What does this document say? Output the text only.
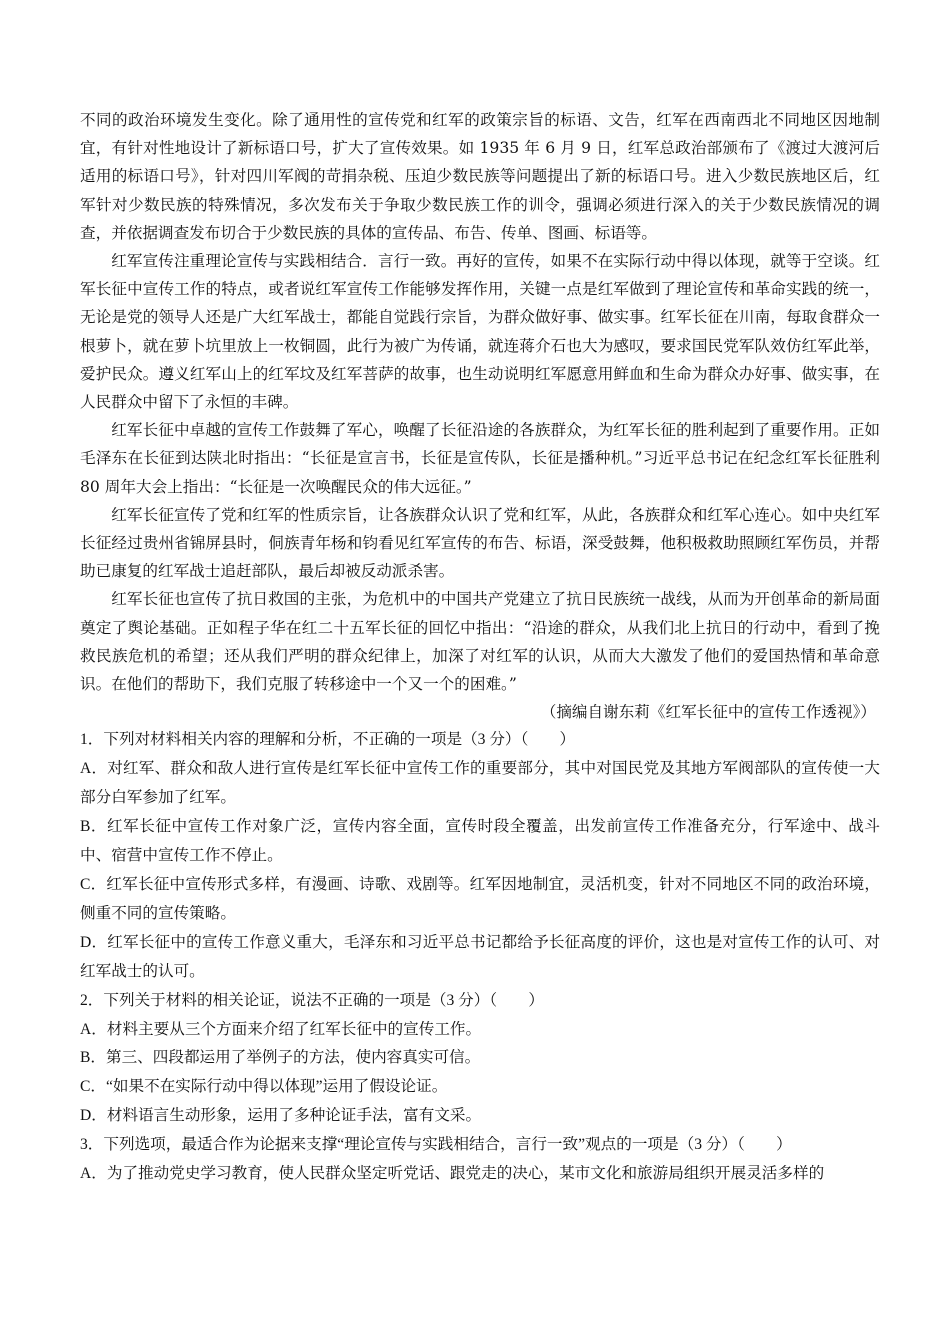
不同的政治环境发生变化。除了通用性的宣传党和红军的政策宗旨的标语、文告，红军在西南西北不同地区因地制宜，有针对性地设计了新标语口号，扩大了宣传效果。如 1935 年 6 月 9 日，红军总政治部颁布了《渡过大渡河后适用的标语口号》，针对四川军阀的苛捐杂税、压迫少数民族等问题提出了新的标语口号。进入少数民族地区后，红军针对少数民族的特殊情况，多次发布关于争取少数民族工作的训令，强调必须进行深入的关于少数民族情况的调查，并依据调查发布切合于少数民族的具体的宣传品、布告、传单、图画、标语等。

红军宣传注重理论宣传与实践相结合．言行一致。再好的宣传，如果不在实际行动中得以体现，就等于空谈。红军长征中宣传工作的特点，或者说红军宣传工作能够发挥作用，关键一点是红军做到了理论宣传和革命实践的统一，无论是党的领导人还是广大红军战士，都能自觉践行宗旨，为群众做好事、做实事。红军长征在川南，每取食群众一根萝卜，就在萝卜坑里放上一枚铜圆，此行为被广为传诵，就连蒋介石也大为感叹，要求国民党军队效仿红军此举，爱护民众。遵义红军山上的红军坟及红军菩萨的故事，也生动说明红军愿意用鲜血和生命为群众办好事、做实事，在人民群众中留下了永恒的丰碑。

红军长征中卓越的宣传工作鼓舞了军心，唤醒了长征沿途的各族群众，为红军长征的胜利起到了重要作用。正如毛泽东在长征到达陕北时指出：“长征是宣言书，长征是宣传队，长征是播种机。”习近平总书记在纪念红军长征胜利 80 周年大会上指出：“长征是一次唤醒民众的伟大远征。”

红军长征宣传了党和红军的性质宗旨，让各族群众认识了党和红军，从此，各族群众和红军心连心。如中央红军长征经过贵州省锦屏县时，侗族青年杨和钧看见红军宣传的布告、标语，深受鼓舞，他积极救助照顾红军伤员，并帮助已康复的红军战士追赶部队，最后却被反动派杀害。

红军长征也宣传了抗日救国的主张，为危机中的中国共产党建立了抗日民族统一战线，从而为开创革命的新局面奠定了舆论基础。正如程子华在红二十五军长征的回忆中指出：“沿途的群众，从我们北上抗日的行动中，看到了挽救民族危机的希望；还从我们严明的群众纪律上，加深了对红军的认识，从而大大激发了他们的爱国热情和革命意识。在他们的帮助下，我们克服了转移途中一个又一个的困难。”

（摘编自谢东莉《红军长征中的宣传工作透视》）

1．下列对材料相关内容的理解和分析，不正确的一项是（3 分）（　　）

A．对红军、群众和敌人进行宣传是红军长征中宣传工作的重要部分，其中对国民党及其地方军阀部队的宣传使一大部分白军参加了红军。

B．红军长征中宣传工作对象广泛，宣传内容全面，宣传时段全覆盖，出发前宣传工作准备充分，行军途中、战斗中、宿营中宣传工作不停止。

C．红军长征中宣传形式多样，有漫画、诗歌、戏剧等。红军因地制宜，灵活机变，针对不同地区不同的政治环境，侧重不同的宣传策略。

D．红军长征中的宣传工作意义重大，毛泽东和习近平总书记都给予长征高度的评价，这也是对宣传工作的认可、对红军战士的认可。

2．下列关于材料的相关论证，说法不正确的一项是（3 分）（　　）

A．材料主要从三个方面来介绍了红军长征中的宣传工作。

B．第三、四段都运用了举例子的方法，使内容真实可信。

C．“如果不在实际行动中得以体现”运用了假设论证。

D．材料语言生动形象，运用了多种论证手法，富有文采。

3．下列选项，最适合作为论据来支撑“理论宣传与实践相结合，言行一致”观点的一项是（3 分）（　　）

A．为了推动党史学习教育，使人民群众坚定听党话、跟党走的决心，某市文化和旅游局组织开展灵活多样的
